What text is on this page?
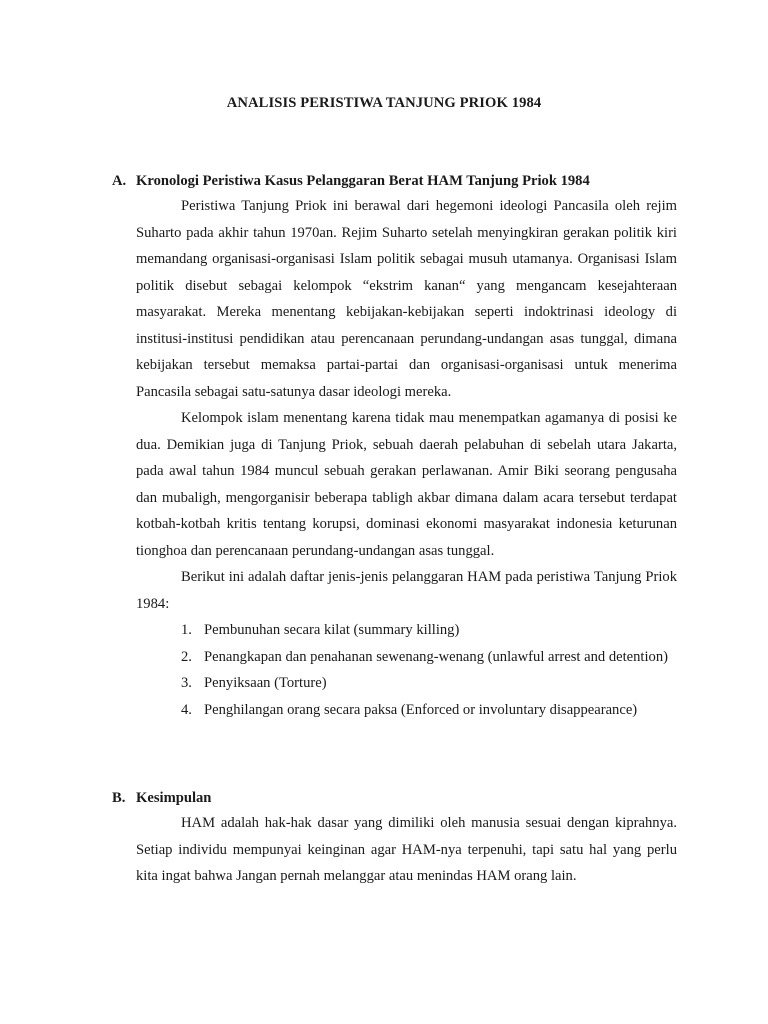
ANALISIS PERISTIWA TANJUNG PRIOK 1984
A. Kronologi Peristiwa Kasus Pelanggaran Berat HAM Tanjung Priok 1984

Peristiwa Tanjung Priok ini berawal dari hegemoni ideologi Pancasila oleh rejim Suharto pada akhir tahun 1970an. Rejim Suharto setelah menyingkiran gerakan politik kiri memandang organisasi-organisasi Islam politik sebagai musuh utamanya. Organisasi Islam politik disebut sebagai kelompok “ekstrim kanan“ yang mengancam kesejahteraan masyarakat. Mereka menentang kebijakan-kebijakan seperti indoktrinasi ideology di institusi-institusi pendidikan atau perencanaan perundang-undangan asas tunggal, dimana kebijakan tersebut memaksa partai-partai dan organisasi-organisasi untuk menerima Pancasila sebagai satu-satunya dasar ideologi mereka.

Kelompok islam menentang karena tidak mau menempatkan agamanya di posisi ke dua. Demikian juga di Tanjung Priok, sebuah daerah pelabuhan di sebelah utara Jakarta, pada awal tahun 1984 muncul sebuah gerakan perlawanan. Amir Biki seorang pengusaha dan mubaligh, mengorganisir beberapa tabligh akbar dimana dalam acara tersebut terdapat kotbah-kotbah kritis tentang korupsi, dominasi ekonomi masyarakat indonesia keturunan tionghoa dan perencanaan perundang-undangan asas tunggal.

Berikut ini adalah daftar jenis-jenis pelanggaran HAM pada peristiwa Tanjung Priok 1984:

1. Pembunuhan secara kilat (summary killing)
2. Penangkapan dan penahanan sewenang-wenang (unlawful arrest and detention)
3. Penyiksaan (Torture)
4. Penghilangan orang secara paksa (Enforced or involuntary disappearance)
B. Kesimpulan

HAM adalah hak-hak dasar yang dimiliki oleh manusia sesuai dengan kiprahnya. Setiap individu mempunyai keinginan agar HAM-nya terpenuhi, tapi satu hal yang perlu kita ingat bahwa Jangan pernah melanggar atau menindas HAM orang lain.
